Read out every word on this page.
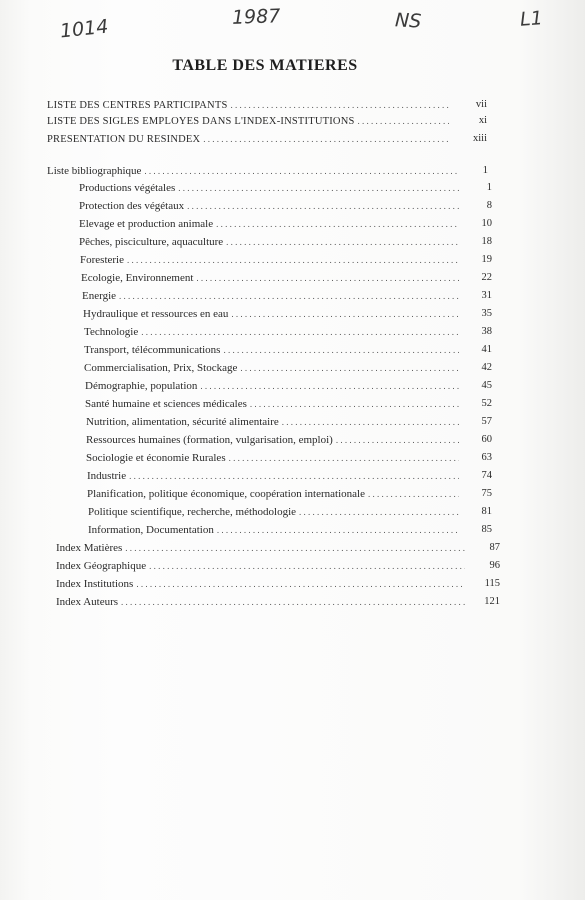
1014	1987	NS	L1
TABLE DES MATIERES
LISTE DES CENTRES PARTICIPANTS . . .	vii
LISTE DES SIGLES EMPLOYES DANS L'INDEX-INSTITUTIONS . . .	xi
PRESENTATION DU RESINDEX . . .	xiii
Liste bibliographique . . .	1
Productions végétales . . .	1
Protection des végétaux . . .	8
Elevage et production animale . . .	10
Pêches, pisciculture, aquaculture . . .	18
Foresterie . . .	19
Ecologie, Environnement . . .	22
Energie . . .	31
Hydraulique et ressources en eau . . .	35
Technologie . . .	38
Transport, télécommunications . . .	41
Commercialisation, Prix, Stockage . . .	42
Démographie, population . . .	45
Santé humaine et sciences médicales . . .	52
Nutrition, alimentation, sécurité alimentaire . . .	57
Ressources humaines (formation, vulgarisation, emploi) . . .	60
Sociologie et économie Rurales . . .	63
Industrie . . .	74
Planification, politique économique, coopération internationale . . .	75
Politique scientifique, recherche, méthodologie . . .	81
Information, Documentation . . .	85
Index Matières . . .	87
Index Géographique . . .	96
Index Institutions . . .	115
Index Auteurs . . .	121
